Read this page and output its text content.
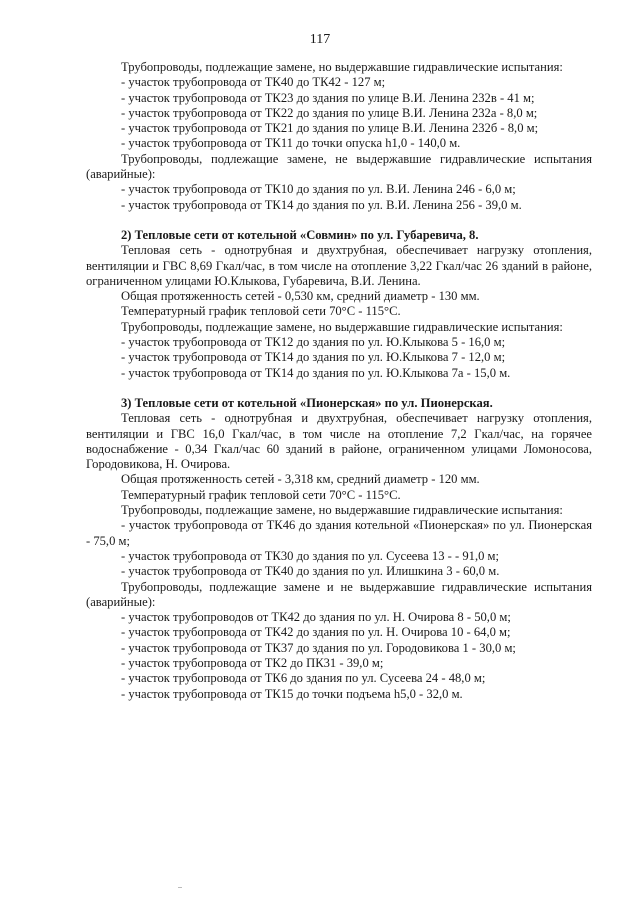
117

Трубопроводы, подлежащие замене, но выдержавшие гидравлические испытания:

- участок трубопровода от ТК40 до ТК42 - 127 м;

- участок трубопровода от ТК23 до здания по улице В.И. Ленина 232в - 41 м;

- участок трубопровода от ТК22 до здания по улице В.И. Ленина 232а - 8,0 м;

- участок трубопровода от ТК21 до здания по улице В.И. Ленина 232б - 8,0 м;

- участок трубопровода от ТК11 до точки опуска h1,0 - 140,0 м.

Трубопроводы, подлежащие замене, не выдержавшие гидравлические испытания (аварийные):

- участок трубопровода от ТК10 до здания по ул. В.И. Ленина 246 - 6,0 м;

- участок трубопровода от ТК14 до здания по ул. В.И. Ленина 256 - 39,0 м.

2) Тепловые сети от котельной «Совмин» по ул. Губаревича, 8.

Тепловая сеть - однотрубная и двухтрубная, обеспечивает нагрузку отопления, вентиляции и ГВС 8,69 Гкал/час, в том числе на отопление 3,22 Гкал/час 26 зданий в районе, ограниченном улицами Ю.Клыкова, Губаревича, В.И. Ленина.

Общая протяженность сетей - 0,530 км, средний диаметр - 130 мм.

Температурный график тепловой сети 70°C - 115°C.

Трубопроводы, подлежащие замене, но выдержавшие гидравлические испытания:

- участок трубопровода от ТК12 до здания по ул. Ю.Клыкова 5 - 16,0 м;

- участок трубопровода от ТК14 до здания по ул. Ю.Клыкова 7 - 12,0 м;

- участок трубопровода от ТК14 до здания по ул. Ю.Клыкова 7а - 15,0 м.

3) Тепловые сети от котельной «Пионерская» по ул. Пионерская.

Тепловая сеть - однотрубная и двухтрубная, обеспечивает нагрузку отопления, вентиляции и ГВС 16,0 Гкал/час, в том числе на отопление 7,2 Гкал/час, на горячее водоснабжение - 0,34 Гкал/час 60 зданий в районе, ограниченном улицами Ломоносова, Городовикова, Н. Очирова.

Общая протяженность сетей - 3,318 км, средний диаметр - 120 мм.

Температурный график тепловой сети 70°C - 115°C.

Трубопроводы, подлежащие замене, но выдержавшие гидравлические испытания:

- участок трубопровода от ТК46 до здания котельной «Пионерская» по ул. Пионерская - 75,0 м;

- участок трубопровода от ТК30 до здания по ул. Сусеева 13 - - 91,0 м;

- участок трубопровода от ТК40 до здания по ул. Илишкина 3 - 60,0 м.

Трубопроводы, подлежащие замене и не выдержавшие гидравлические испытания (аварийные):

- участок трубопроводов от ТК42 до здания по ул. Н. Очирова 8 - 50,0 м;

- участок трубопровода от ТК42 до здания по ул. Н. Очирова 10 - 64,0 м;

- участок трубопровода от ТК37 до здания по ул. Городовикова 1 - 30,0 м;

- участок трубопровода от ТК2 до ПК31 - 39,0 м;

- участок трубопровода от ТК6 до здания по ул. Сусеева 24 - 48,0 м;

- участок трубопровода от ТК15 до точки подъема h5,0 - 32,0 м.
